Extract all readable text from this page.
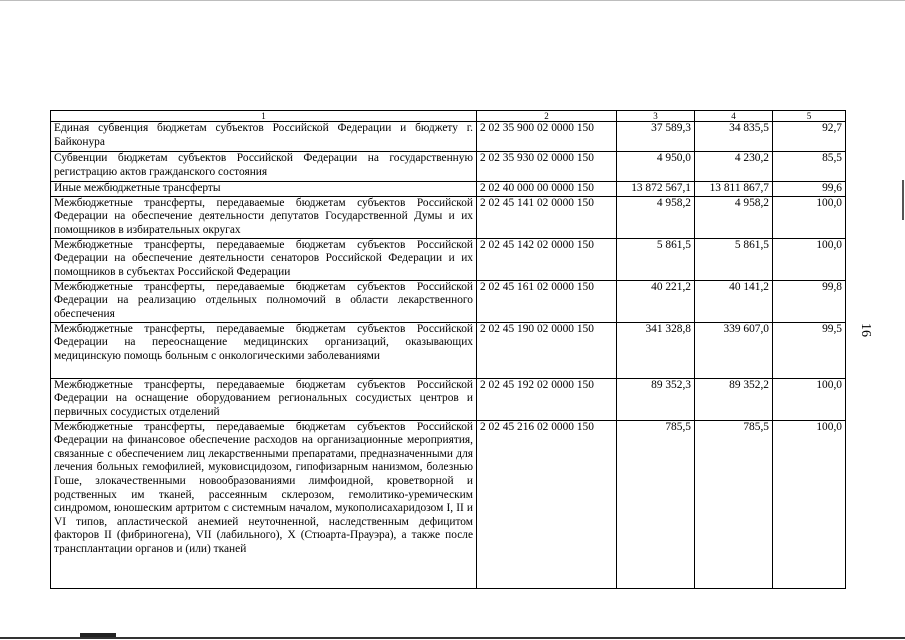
1	2	3	4	5
Единая субвенция бюджетам субъектов Российской Федерации и бюджету г. Байконура	2 02 35 900 02 0000 150	37 589,3	34 835,5	92,7
Субвенции бюджетам субъектов Российской Федерации на государственную регистрацию актов гражданского состояния	2 02 35 930 02 0000 150	4 950,0	4 230,2	85,5
Иные межбюджетные трансферты	2 02 40 000 00 0000 150	13 872 567,1	13 811 867,7	99,6
Межбюджетные трансферты, передаваемые бюджетам субъектов Российской Федерации на обеспечение деятельности депутатов Государственной Думы и их помощников в избирательных округах	2 02 45 141 02 0000 150	4 958,2	4 958,2	100,0
Межбюджетные трансферты, передаваемые бюджетам субъектов Российской Федерации на обеспечение деятельности сенаторов Российской Федерации и их помощников в субъектах Российской Федерации	2 02 45 142 02 0000 150	5 861,5	5 861,5	100,0
Межбюджетные трансферты, передаваемые бюджетам субъектов Российской Федерации на реализацию отдельных полномочий в области лекарственного обеспечения	2 02 45 161 02 0000 150	40 221,2	40 141,2	99,8
Межбюджетные трансферты, передаваемые бюджетам субъектов Российской Федерации на переоснащение медицинских организаций, оказывающих медицинскую помощь больным с онкологическими заболеваниями	2 02 45 190 02 0000 150	341 328,8	339 607,0	99,5
Межбюджетные трансферты, передаваемые бюджетам субъектов Российской Федерации на оснащение оборудованием региональных сосудистых центров и первичных сосудистых отделений	2 02 45 192 02 0000 150	89 352,3	89 352,2	100,0
Межбюджетные трансферты, передаваемые бюджетам субъектов Российской Федерации на финансовое обеспечение расходов на организационные мероприятия, связанные с обеспечением лиц лекарственными препаратами, предназначенными для лечения больных гемофилией, муковисцидозом, гипофизарным нанизмом, болезнью Гоше, злокачественными новообразованиями лимфоидной, кроветворной и родственных им тканей, рассеянным склерозом, гемолитико-уремическим синдромом, юношеским артритом с системным началом, мукополисахаридозом I, II и VI типов, апластической анемией неуточненной, наследственным дефицитом факторов II (фибриногена), VII (лабильного), X (Стюарта-Прауэра), а также после трансплантации органов и (или) тканей	2 02 45 216 02 0000 150	785,5	785,5	100,0
16
